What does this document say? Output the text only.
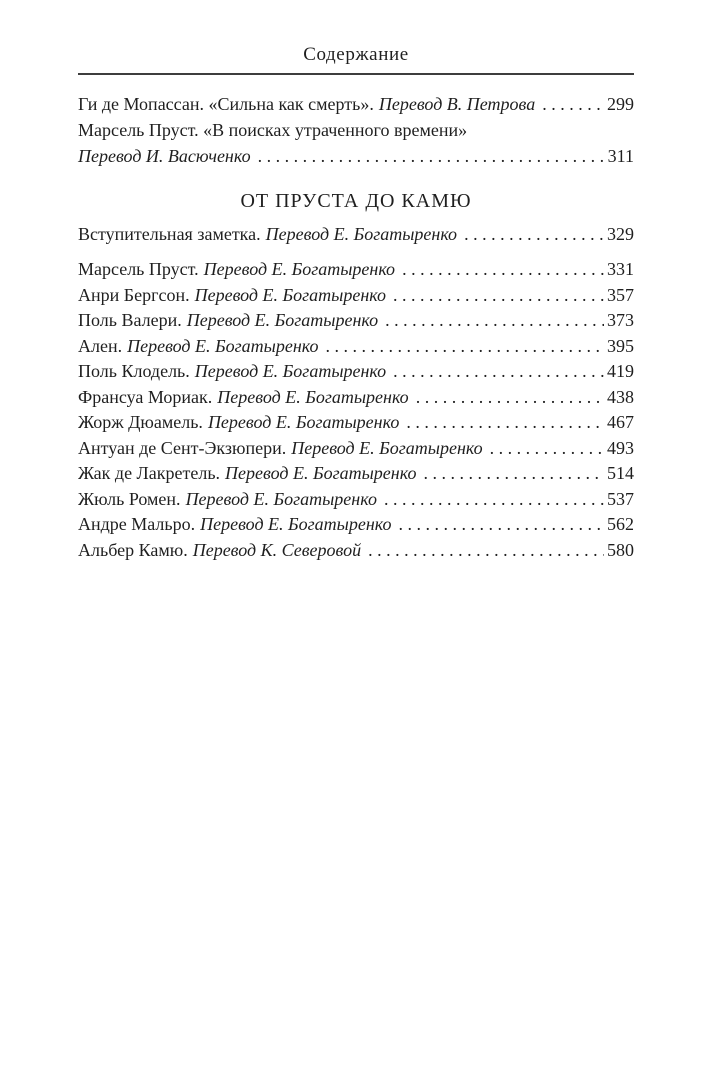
Содержание
Ги де Мопассан. «Сильна как смерть». Перевод В. Петрова . . .	299
Марсель Пруст. «В поисках утраченного времени»
Перевод И. Васюченко . . .	311
ОТ ПРУСТА ДО КАМЮ
Вступительная заметка. Перевод Е. Богатыренко . . .	329
Марсель Пруст. Перевод Е. Богатыренко . . .	331
Анри Бергсон. Перевод Е. Богатыренко . . .	357
Поль Валери. Перевод Е. Богатыренко . . .	373
Ален. Перевод Е. Богатыренко . . .	395
Поль Клодель. Перевод Е. Богатыренко . . .	419
Франсуа Мориак. Перевод Е. Богатыренко . . .	438
Жорж Дюамель. Перевод Е. Богатыренко . . .	467
Антуан де Сент-Экзюпери. Перевод Е. Богатыренко . . .	493
Жак де Лакретель. Перевод Е. Богатыренко . . .	514
Жюль Ромен. Перевод Е. Богатыренко . . .	537
Андре Мальро. Перевод Е. Богатыренко . . .	562
Альбер Камю. Перевод К. Северовой . . .	580
